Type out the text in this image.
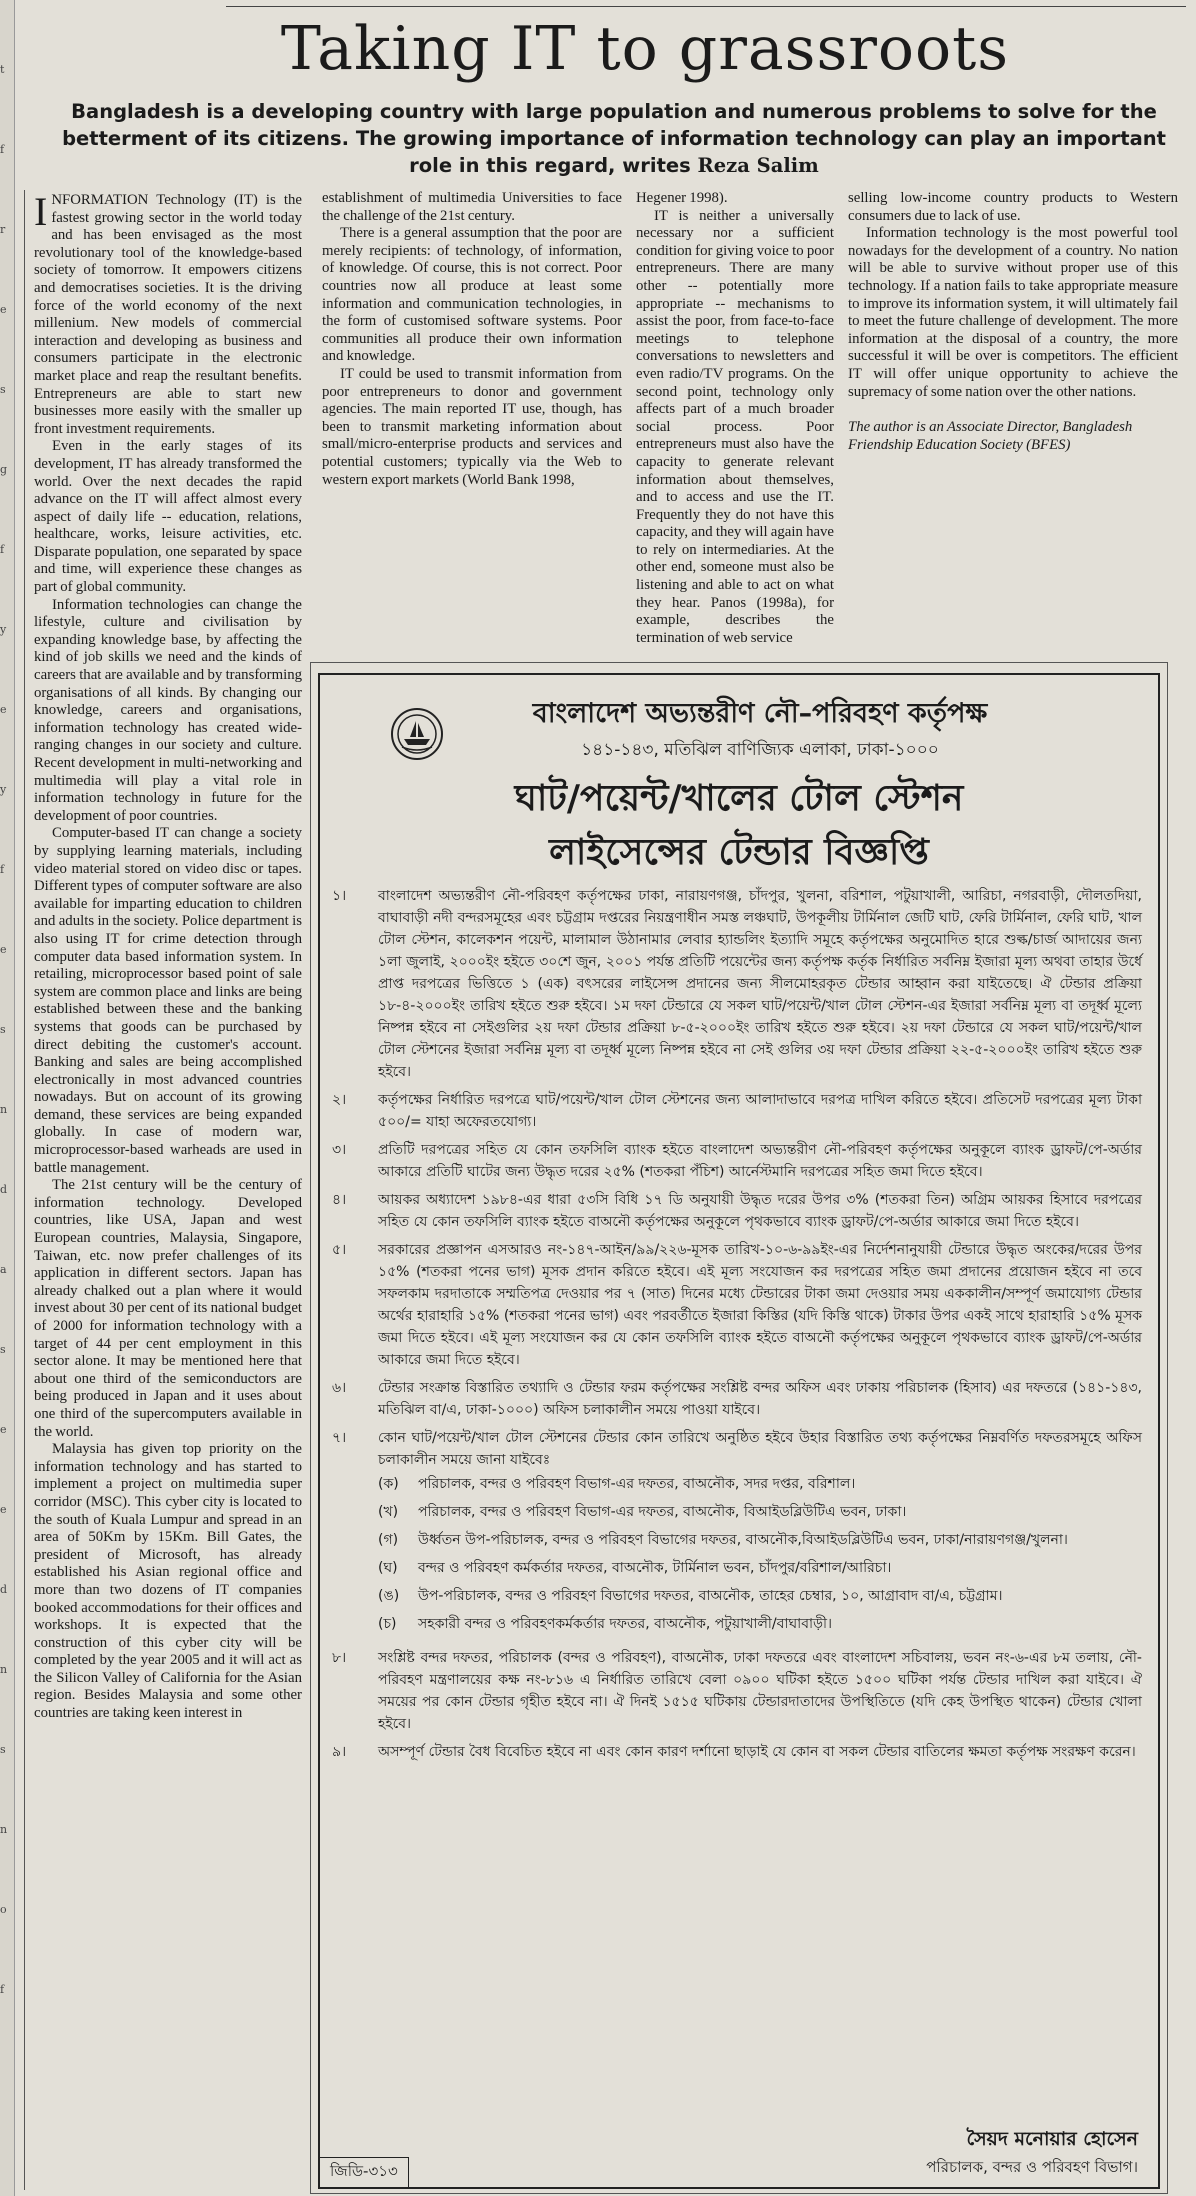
t
f
r
e
s
g
f
y
e
y
f
e
s
n
d
a
s
e
e
d
n
s
n
o
f
Taking IT to grassroots
Bangladesh is a developing country with large population and numerous problems to solve for the betterment of its citizens. The growing importance of information technology can play an important role in this regard, writes Reza Salim

INFORMATION Technology (IT) is the fastest growing sector in the world today and has been envisaged as the most revolutionary tool of the knowledge-based society of tomorrow. It empowers citizens and democratises societies. It is the driving force of the world economy of the next millenium. New models of commercial interaction and developing as business and consumers participate in the electronic market place and reap the resultant benefits. Entrepreneurs are able to start new businesses more easily with the smaller up front investment requirements.

Even in the early stages of its development, IT has already transformed the world. Over the next decades the rapid advance on the IT will affect almost every aspect of daily life -- education, relations, healthcare, works, leisure activities, etc. Disparate population, one separated by space and time, will experience these changes as part of global community.

Information technologies can change the lifestyle, culture and civilisation by expanding knowledge base, by affecting the kind of job skills we need and the kinds of careers that are available and by transforming organisations of all kinds. By changing our knowledge, careers and organisations, information technology has created wide-ranging changes in our society and culture. Recent development in multi-networking and multimedia will play a vital role in information technology in future for the development of poor countries.

Computer-based IT can change a society by supplying learning materials, including video material stored on video disc or tapes. Different types of computer software are also available for imparting education to children and adults in the society. Police department is also using IT for crime detection through computer data based information system. In retailing, microprocessor based point of sale system are common place and links are being established between these and the banking systems that goods can be purchased by direct debiting the customer's account. Banking and sales are being accomplished electronically in most advanced countries nowadays. But on account of its growing demand, these services are being expanded globally. In case of modern war, microprocessor-based warheads are used in battle management.

The 21st century will be the century of information technology. Developed countries, like USA, Japan and west European countries, Malaysia, Singapore, Taiwan, etc. now prefer challenges of its application in different sectors. Japan has already chalked out a plan where it would invest about 30 per cent of its national budget of 2000 for information technology with a target of 44 per cent employment in this sector alone. It may be mentioned here that about one third of the semiconductors are being produced in Japan and it uses about one third of the supercomputers available in the world.

Malaysia has given top priority on the information technology and has started to implement a project on multimedia super corridor (MSC). This cyber city is located to the south of Kuala Lumpur and spread in an area of 50Km by 15Km. Bill Gates, the president of Microsoft, has already established his Asian regional office and more than two dozens of IT companies booked accommodations for their offices and workshops. It is expected that the construction of this cyber city will be completed by the year 2005 and it will act as the Silicon Valley of California for the Asian region. Besides Malaysia and some other countries are taking keen interest in

establishment of multimedia Universities to face the challenge of the 21st century.

There is a general assumption that the poor are merely recipients: of technology, of information, of knowledge. Of course, this is not correct. Poor countries now all produce at least some information and communication technologies, in the form of customised software systems. Poor communities all produce their own information and knowledge.

IT could be used to transmit information from poor entrepreneurs to donor and government agencies. The main reported IT use, though, has been to transmit marketing information about small/micro-enterprise products and services and potential customers; typically via the Web to western export markets (World Bank 1998,

Hegener 1998).

IT is neither a universally necessary nor a sufficient condition for giving voice to poor entrepreneurs. There are many other -- potentially more appropriate -- mechanisms to assist the poor, from face-to-face meetings to telephone conversations to newsletters and even radio/TV programs. On the second point, technology only affects part of a much broader social process. Poor entrepreneurs must also have the capacity to generate relevant information about themselves, and to access and use the IT. Frequently they do not have this capacity, and they will again have to rely on intermediaries. At the other end, someone must also be listening and able to act on what they hear. Panos (1998a), for example, describes the termination of web service

selling low-income country products to Western consumers due to lack of use.

Information technology is the most powerful tool nowadays for the development of a country. No nation will be able to survive without proper use of this technology. If a nation fails to take appropriate measure to improve its information system, it will ultimately fail to meet the future challenge of development. The more information at the disposal of a country, the more successful it will be over is competitors. The efficient IT will offer unique opportunity to achieve the supremacy of some nation over the other nations.

The author is an Associate Director, Bangladesh Friendship Education Society (BFES)

বাংলাদেশ অভ্যন্তরীণ নৌ–পরিবহণ কর্তৃপক্ষ
১৪১-১৪৩, মতিঝিল বাণিজ্যিক এলাকা, ঢাকা-১০০০
ঘাট/পয়েন্ট/খালের টোল স্টেশন
লাইসেন্সের টেন্ডার বিজ্ঞপ্তি
১।	বাংলাদেশ অভ্যন্তরীণ নৌ-পরিবহণ কর্তৃপক্ষের ঢাকা, নারায়ণগঞ্জ, চাঁদপুর, খুলনা, বরিশাল, পটুয়াখালী, আরিচা, নগরবাড়ী, দৌলতদিয়া, বাঘাবাড়ী নদী বন্দরসমূহের এবং চট্টগ্রাম দপ্তরের নিয়ন্ত্রণাধীন সমস্ত লঞ্চঘাট, উপকূলীয় টার্মিনাল জেটি ঘাট, ফেরি টার্মিনাল, ফেরি ঘাট, খাল টোল স্টেশন, কালেকশন পয়েন্ট, মালামাল উঠানামার লেবার হ্যান্ডলিং ইত্যাদি সমূহে কর্তৃপক্ষের অনুমোদিত হারে শুল্ক/চার্জ আদায়ের জন্য ১লা জুলাই, ২০০০ইং হইতে ৩০শে জুন, ২০০১ পর্যন্ত প্রতিটি পয়েন্টের জন্য কর্তৃপক্ষ কর্তৃক নির্ধারিত সর্বনিম্ন ইজারা মূল্য অথবা তাহার উর্ধে প্রাপ্ত দরপত্রের ভিত্তিতে ১ (এক) বৎসরের লাইসেন্স প্রদানের জন্য সীলমোহরকৃত টেন্ডার আহ্বান করা যাইতেছে। ঐ টেন্ডার প্রক্রিয়া ১৮-৪-২০০০ইং তারিখ হইতে শুরু হইবে। ১ম দফা টেন্ডারে যে সকল ঘাট/পয়েন্ট/খাল টোল স্টেশন-এর ইজারা সর্বনিম্ন মূল্য বা তদূর্ধ্ব মূল্যে নিষ্পন্ন হইবে না সেইগুলির ২য় দফা টেন্ডার প্রক্রিয়া ৮-৫-২০০০ইং তারিখ হইতে শুরু হইবে। ২য় দফা টেন্ডারে যে সকল ঘাট/পয়েন্ট/খাল টোল স্টেশনের ইজারা সর্বনিম্ন মূল্য বা তদূর্ধ্ব মূল্যে নিষ্পন্ন হইবে না সেই গুলির ৩য় দফা টেন্ডার প্রক্রিয়া ২২-৫-২০০০ইং তারিখ হইতে শুরু হইবে।
২।	কর্তৃপক্ষের নির্ধারিত দরপত্রে ঘাট/পয়েন্ট/খাল টোল স্টেশনের জন্য আলাদাভাবে দরপত্র দাখিল করিতে হইবে। প্রতিসেট দরপত্রের মূল্য টাকা ৫০০/= যাহা অফেরতযোগ্য।
৩।	প্রতিটি দরপত্রের সহিত যে কোন তফসিলি ব্যাংক হইতে বাংলাদেশ অভ্যন্তরীণ নৌ-পরিবহণ কর্তৃপক্ষের অনুকূলে ব্যাংক ড্রাফট/পে-অর্ডার আকারে প্রতিটি ঘাটের জন্য উদ্ধৃত দরের ২৫% (শতকরা পঁচিশ) আর্নেস্টমানি দরপত্রের সহিত জমা দিতে হইবে।
৪।	আয়কর অধ্যাদেশ ১৯৮৪-এর ধারা ৫৩সি বিধি ১৭ ডি অনুযায়ী উদ্ধৃত দরের উপর ৩% (শতকরা তিন) অগ্রিম আয়কর হিসাবে দরপত্রের সহিত যে কোন তফসিলি ব্যাংক হইতে বাঅনৌ কর্তৃপক্ষের অনুকূলে পৃথকভাবে ব্যাংক ড্রাফট/পে-অর্ডার আকারে জমা দিতে হইবে।
৫।	সরকারের প্রজ্ঞাপন এসআরও নং-১৪৭-আইন/৯৯/২২৬-মূসক তারিখ-১০-৬-৯৯ইং-এর নির্দেশনানুযায়ী টেন্ডারে উদ্ধৃত অংকের/দরের উপর ১৫% (শতকরা পনের ভাগ) মূসক প্রদান করিতে হইবে। এই মূল্য সংযোজন কর দরপত্রের সহিত জমা প্রদানের প্রয়োজন হইবে না তবে সফলকাম দরদাতাকে সম্মতিপত্র দেওয়ার পর ৭ (সাত) দিনের মধ্যে টেন্ডারের টাকা জমা দেওয়ার সময় এককালীন/সম্পূর্ণ জমাযোগ্য টেন্ডার অর্থের হারাহারি ১৫% (শতকরা পনের ভাগ) এবং পরবর্তীতে ইজারা কিস্তির (যদি কিস্তি থাকে) টাকার উপর একই সাথে হারাহারি ১৫% মূসক জমা দিতে হইবে। এই মূল্য সংযোজন কর যে কোন তফসিলি ব্যাংক হইতে বাঅনৌ কর্তৃপক্ষের অনুকূলে পৃথকভাবে ব্যাংক ড্রাফট/পে-অর্ডার আকারে জমা দিতে হইবে।
৬।	টেন্ডার সংক্রান্ত বিস্তারিত তথ্যাদি ও টেন্ডার ফরম কর্তৃপক্ষের সংশ্লিষ্ট বন্দর অফিস এবং ঢাকায় পরিচালক (হিসাব) এর দফতরে (১৪১-১৪৩, মতিঝিল বা/এ, ঢাকা-১০০০) অফিস চলাকালীন সময়ে পাওয়া যাইবে।
৭।	কোন ঘাট/পয়েন্ট/খাল টোল স্টেশনের টেন্ডার কোন তারিখে অনুষ্ঠিত হইবে উহার বিস্তারিত তথ্য কর্তৃপক্ষের নিম্নবর্ণিত দফতরসমূহে অফিস চলাকালীন সময়ে জানা যাইবেঃ
(ক)	পরিচালক, বন্দর ও পরিবহণ বিভাগ-এর দফতর, বাঅনৌক, সদর দপ্তর, বরিশাল।
(খ)	পরিচালক, বন্দর ও পরিবহণ বিভাগ-এর দফতর, বাঅনৌক, বিআইডব্লিউটিএ ভবন, ঢাকা।
(গ)	উর্ধ্বতন উপ-পরিচালক, বন্দর ও পরিবহণ বিভাগের দফতর, বাঅনৌক,বিআইডব্লিউটিএ ভবন, ঢাকা/নারায়ণগঞ্জ/খুলনা।
(ঘ)	বন্দর ও পরিবহণ কর্মকর্তার দফতর, বাঅনৌক, টার্মিনাল ভবন, চাঁদপুর/বরিশাল/আরিচা।
(ঙ)	উপ-পরিচালক, বন্দর ও পরিবহণ বিভাগের দফতর, বাঅনৌক, তাহের চেম্বার, ১০, আগ্রাবাদ বা/এ, চট্টগ্রাম।
(চ)	সহকারী বন্দর ও পরিবহণকর্মকর্তার দফতর, বাঅনৌক, পটুয়াখালী/বাঘাবাড়ী।
৮।	সংশ্লিষ্ট বন্দর দফতর, পরিচালক (বন্দর ও পরিবহণ), বাঅনৌক, ঢাকা দফতরে এবং বাংলাদেশ সচিবালয়, ভবন নং-৬-এর ৮ম তলায়, নৌ-পরিবহণ মন্ত্রণালয়ের কক্ষ নং-৮১৬ এ নির্ধারিত তারিখে বেলা ০৯০০ ঘটিকা হইতে ১৫০০ ঘটিকা পর্যন্ত টেন্ডার দাখিল করা যাইবে। ঐ সময়ের পর কোন টেন্ডার গৃহীত হইবে না। ঐ দিনই ১৫১৫ ঘটিকায় টেন্ডারদাতাদের উপস্থিতিতে (যদি কেহ উপস্থিত থাকেন) টেন্ডার খোলা হইবে।
৯।	অসম্পূর্ণ টেন্ডার বৈধ বিবেচিত হইবে না এবং কোন কারণ দর্শানো ছাড়াই যে কোন বা সকল টেন্ডার বাতিলের ক্ষমতা কর্তৃপক্ষ সংরক্ষণ করেন।
সৈয়দ মনোয়ার হোসেন
পরিচালক, বন্দর ও পরিবহণ বিভাগ।
জিডি-৩১৩
